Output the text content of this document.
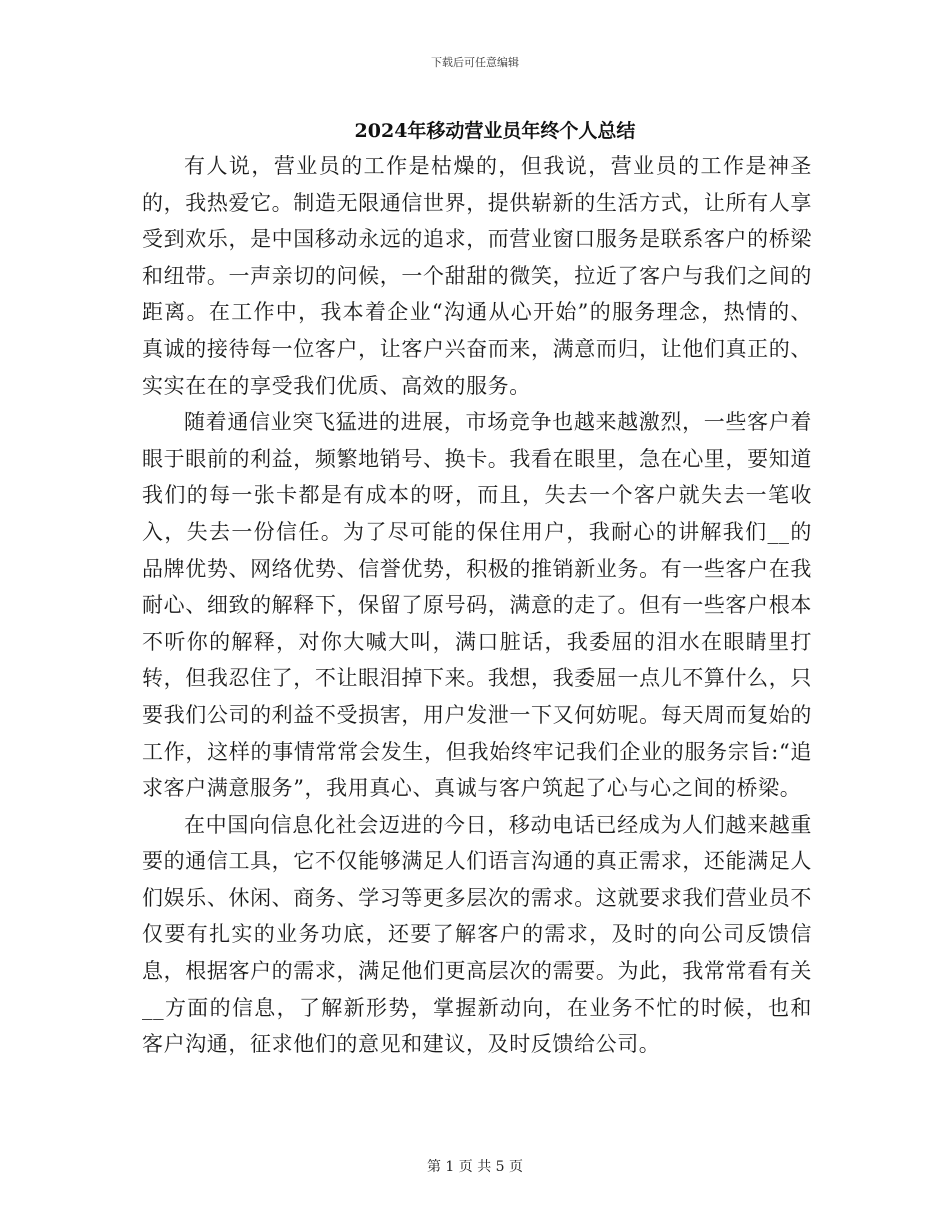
下载后可任意编辑
2024年移动营业员年终个人总结

有人说，营业员的工作是枯燥的，但我说，营业员的工作是神圣的，我热爱它。制造无限通信世界，提供崭新的生活方式，让所有人享受到欢乐，是中国移动永远的追求，而营业窗口服务是联系客户的桥梁和纽带。一声亲切的问候，一个甜甜的微笑，拉近了客户与我们之间的距离。在工作中，我本着企业“沟通从心开始”的服务理念，热情的、真诚的接待每一位客户，让客户兴奋而来，满意而归，让他们真正的、实实在在的享受我们优质、高效的服务。

随着通信业突飞猛进的进展，市场竞争也越来越激烈，一些客户着眼于眼前的利益，频繁地销号、换卡。我看在眼里，急在心里，要知道我们的每一张卡都是有成本的呀，而且，失去一个客户就失去一笔收入，失去一份信任。为了尽可能的保住用户，我耐心的讲解我们__的品牌优势、网络优势、信誉优势，积极的推销新业务。有一些客户在我耐心、细致的解释下，保留了原号码，满意的走了。但有一些客户根本不听你的解释，对你大喊大叫，满口脏话，我委屈的泪水在眼睛里打转，但我忍住了，不让眼泪掉下来。我想，我委屈一点儿不算什么，只要我们公司的利益不受损害，用户发泄一下又何妨呢。每天周而复始的工作，这样的事情常常会发生，但我始终牢记我们企业的服务宗旨:“追求客户满意服务”，我用真心、真诚与客户筑起了心与心之间的桥梁。

在中国向信息化社会迈进的今日，移动电话已经成为人们越来越重要的通信工具，它不仅能够满足人们语言沟通的真正需求，还能满足人们娱乐、休闲、商务、学习等更多层次的需求。这就要求我们营业员不仅要有扎实的业务功底，还要了解客户的需求，及时的向公司反馈信息，根据客户的需求，满足他们更高层次的需要。为此，我常常看有关__方面的信息，了解新形势，掌握新动向，在业务不忙的时候，也和客户沟通，征求他们的意见和建议，及时反馈给公司。

第 1 页 共 5 页
